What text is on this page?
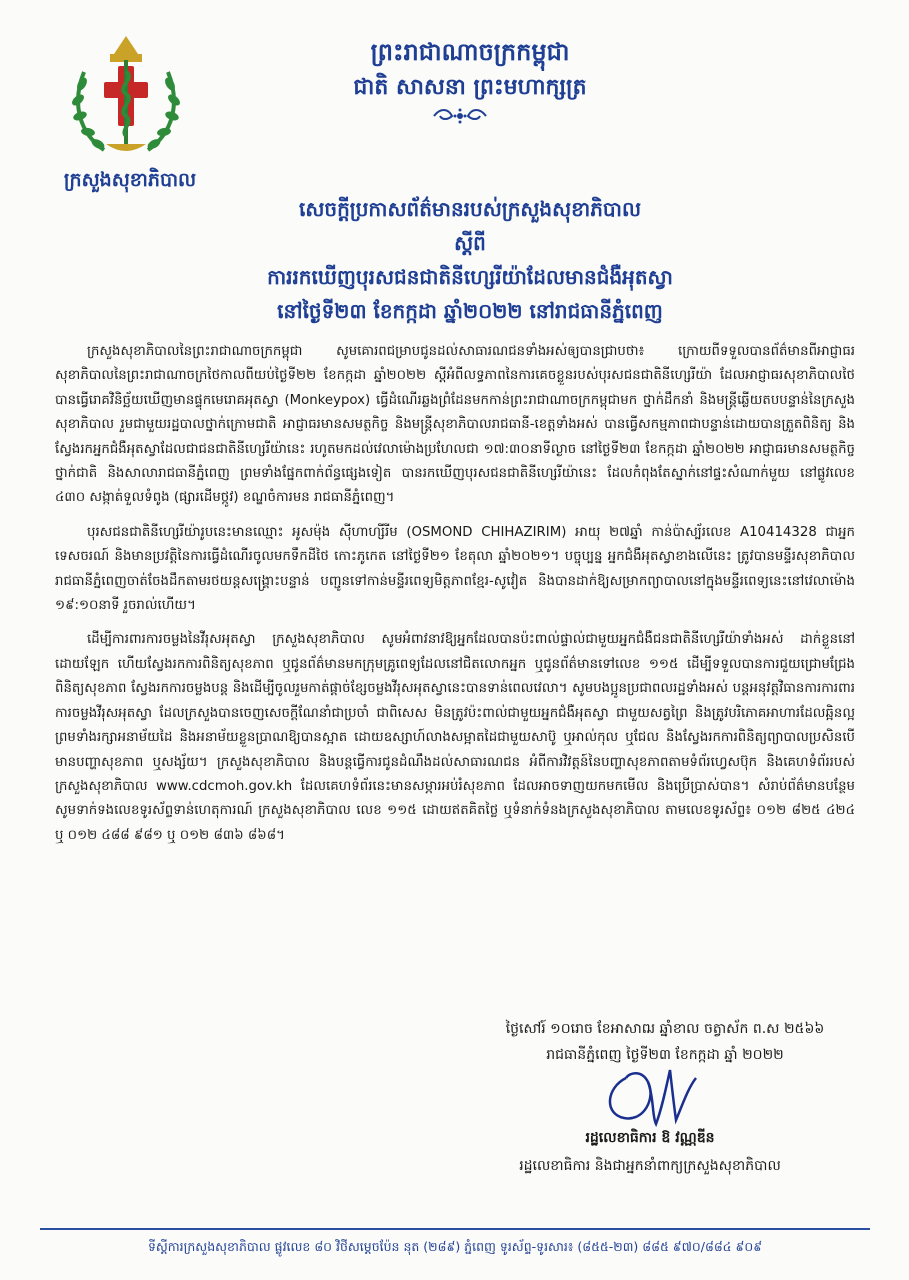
ក្រសួងសុខាភិបាល
ព្រះរាជាណាចក្រកម្ពុជា
ជាតិ សាសនា ព្រះមហាក្សត្រ
សេចក្តីប្រកាសព័ត៌មានរបស់ក្រសួងសុខាភិបាល
ស្តីពី
ការរកឃើញបុរសជនជាតិនីហ្សេរីយ៉ាដែលមានជំងឺអុតស្វា
នៅថ្ងៃទី២៣ ខែកក្កដា ឆ្នាំ២០២២ នៅរាជធានីភ្នំពេញ

ក្រសួងសុខាភិបាលនៃព្រះរាជាណាចក្រកម្ពុជា សូមគោរពជម្រាបជូនដល់សាធារណជនទាំងអស់ឲ្យបានជ្រាបថា៖ ក្រោយពីទទួលបានព័ត៌មានពីអាជ្ញាធរសុខាភិបាលនៃព្រះរាជាណាចក្រថៃកាលពីយប់ថ្ងៃទី២២ ខែកក្កដា ឆ្នាំ២០២២ ស្តីអំពីលទ្ធភាពនៃការគេចខ្លួនរបស់បុរសជនជាតិនីហ្សេរីយ៉ា ដែលអាជ្ញាធរសុខាភិបាលថៃបានធ្វើរោគវិនិច្ឆ័យឃើញមានផ្ទុកមេរោគអុតស្វា (Monkeypox) ធ្វើដំណើរឆ្លងព្រំដែនមកកាន់ព្រះរាជាណាចក្រកម្ពុជាមក ថ្នាក់ដឹកនាំ និងមន្ត្រីឆ្លើយតបបន្ទាន់នៃក្រសួងសុខាភិបាល រួមជាមួយរដ្ឋបាលថ្នាក់ក្រោមជាតិ អាជ្ញាធរមានសមត្ថកិច្ច និងមន្ត្រីសុខាភិបាលរាជធានី-ខេត្តទាំងអស់ បានធ្វើសកម្មភាពជាបន្ទាន់ដោយបានត្រួតពិនិត្យ និងស្វែងរកអ្នកជំងឺអុតស្វាដែលជាជនជាតិនីហ្សេរីយ៉ានេះ រហូតមកដល់វេលាម៉ោងប្រហែលជា ១៧:៣០នាទីល្ងាច នៅថ្ងៃទី២៣ ខែកក្កដា ឆ្នាំ២០២២ អាជ្ញាធរមានសមត្ថកិច្ចថ្នាក់ជាតិ និងសាលារាជធានីភ្នំពេញ ព្រមទាំងផ្នែកពាក់ព័ន្ធផ្សេងទៀត បានរកឃើញបុរសជនជាតិនីហ្សេរីយ៉ានេះ ដែលកំពុងតែស្នាក់នៅផ្ទះសំណាក់មួយ នៅផ្លូវលេខ ៤៣០ សង្កាត់ទួលទំពូង (ផ្សារដើមថ្កូវ) ខណ្ឌចំការមន រាជធានីភ្នំពេញ។

បុរសជនជាតិនីហ្សេរីយ៉ារូបនេះមានឈ្មោះ អូសម៉ុង ស៊ីហាហ្សីរីម (OSMOND CHIHAZIRIM) អាយុ ២៧ឆ្នាំ កាន់ប៉ាស្ប័រលេខ A10414328 ជាអ្នកទេសចរណ៍ និងមានប្រវត្តិនៃការធ្វើដំណើរចូលមកទឹកដីថៃ កោះភូកេត នៅថ្ងៃទី២១ ខែតុលា ឆ្នាំ២០២១។ បច្ចុប្បន្ន អ្នកជំងឺអុតស្វាខាងលើនេះ ត្រូវបានមន្ទីរសុខាភិបាលរាជធានីភ្នំពេញចាត់ចែងដឹកតាមរថយន្តសង្គ្រោះបន្ទាន់ បញ្ជូនទៅកាន់មន្ទីរពេទ្យមិត្តភាពខ្មែរ-សូវៀត និងបានដាក់ឱ្យសម្រាកព្យាបាលនៅក្នុងមន្ទីរពេទ្យនេះនៅវេលាម៉ោង ១៩:១០នាទី រួចរាល់ហើយ។

ដើម្បីការពារការចម្លងនៃវីរុសអុតស្វា ក្រសួងសុខាភិបាល សូមអំពាវនាវឱ្យអ្នកដែលបានប៉ះពាល់ផ្ទាល់ជាមួយអ្នកជំងឺជនជាតិនីហ្សេរីយ៉ាទាំងអស់ ដាក់ខ្លួននៅដោយឡែក ហើយស្វែងរកការពិនិត្យសុខភាព ឬជូនព័ត៌មានមកក្រុមគ្រូពេទ្យដែលនៅជិតលោកអ្នក ឬជូនព័ត៌មានទៅលេខ ១១៥ ដើម្បីទទួលបានការជួយជ្រោមជ្រែង ពិនិត្យសុខភាព ស្វែងរកការចម្លងបន្ត និងដើម្បីចូលរួមកាត់ផ្តាច់ខ្សែចម្លងវីរុសអុតស្វានេះបានទាន់ពេលវេលា។ សូមបងប្អូនប្រជាពលរដ្ឋទាំងអស់ បន្តអនុវត្តវិធានការការពារការចម្លងវីរុសអុតស្វា ដែលក្រសួងបានចេញសេចក្តីណែនាំជាប្រចាំ ជាពិសេស មិនត្រូវប៉ះពាល់ជាមួយអ្នកជំងឺអុតស្វា ជាមួយសត្វព្រៃ និងត្រូវបរិភោគអាហារដែលឆ្អិនល្អ ព្រមទាំងរក្សាអនាម័យដៃ និងអនាម័យខ្លួនប្រាណឱ្យបានស្អាត ដោយឧស្សាហ៍លាងសម្អាតដៃជាមួយសាប៊ូ ឬអាល់កុល ឬជែល និងស្វែងរកការពិនិត្យព្យាបាលប្រសិនបើមានបញ្ហាសុខភាព ឬសង្ស័យ។ ក្រសួងសុខាភិបាល និងបន្តធ្វើការជូនដំណឹងដល់សាធារណជន អំពីការវិវត្តន៍នៃបញ្ហាសុខភាពតាមទំព័រហ្វេសប៊ុក និងគេហទំព័ររបស់ក្រសួងសុខាភិបាល www.cdcmoh.gov.kh ដែលគេហទំព័រនេះមានសម្ភារអប់រំសុខភាព ដែលអាចទាញយកមកមើល និងប្រើប្រាស់បាន។ សំរាប់ព័ត៌មានបន្ថែម សូមទាក់ទងលេខទូរស័ព្ទទាន់ហេតុការណ៍ ក្រសួងសុខាភិបាល លេខ ១១៥ ដោយឥតគិតថ្លៃ ឬទំនាក់ទំនងក្រសួងសុខាភិបាល តាមលេខទូរស័ព្ទ៖ ០១២ ៨២៥ ៤២៤ ឬ ០១២ ៤៨៨ ៩៨១ ឬ ០១២ ៨៣៦ ៨៦៨។

ថ្ងៃសៅរ៍ ១០រោច ខែអាសាឍ ឆ្នាំខាល ចត្វាស័ក ព.ស ២៥៦៦
រាជធានីភ្នំពេញ ថ្ងៃទី២៣ ខែកក្កដា ឆ្នាំ ២០២២
រដ្ឋលេខាធិការ ឱ វណ្ណឌីន
រដ្ឋលេខាធិការ និងជាអ្នកនាំពាក្យក្រសួងសុខាភិបាល
ទីស្តីការក្រសួងសុខាភិបាល ផ្លូវលេខ ៨០ វិថីសម្តេចប៉ែន នុត (២៨៩) ភ្នំពេញ ទូរស័ព្ទ-ទូរសារ៖ (៨៥៥-២៣) ៨៨៥ ៩៧០/៨៨៤ ៩០៩
